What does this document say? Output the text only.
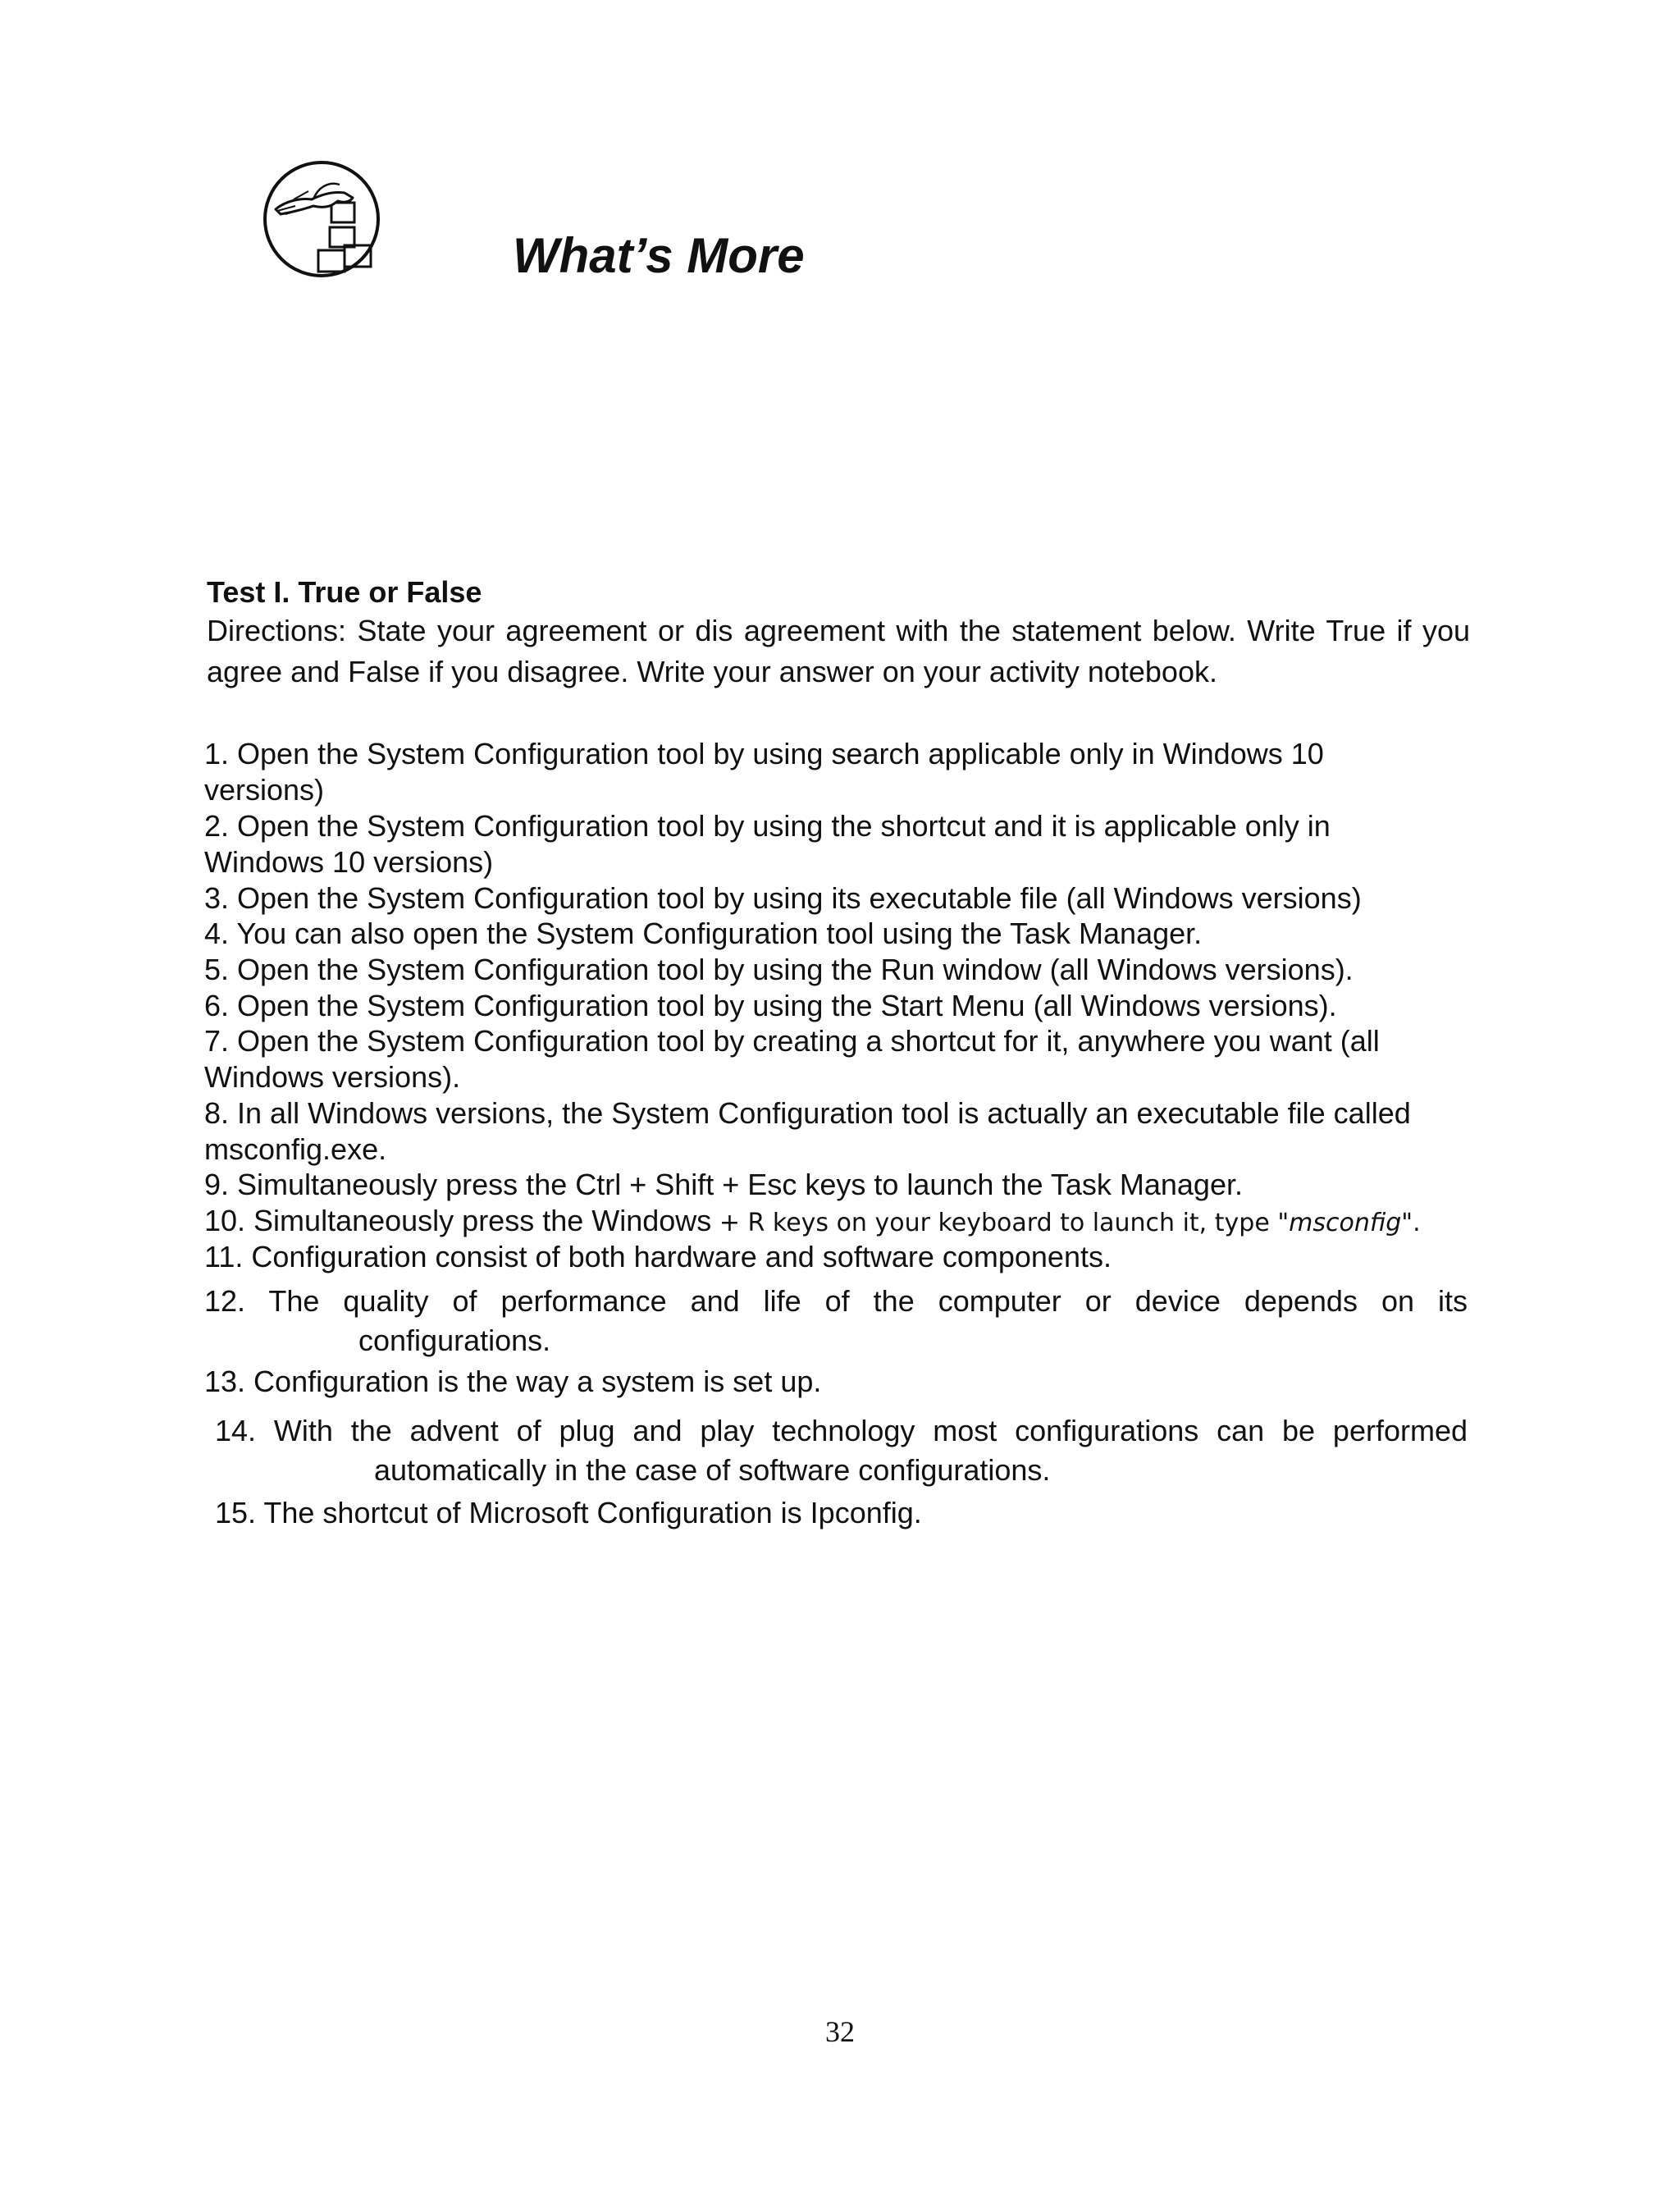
What’s More
Test I. True or False
Directions: State your agreement or dis agreement with the statement below. Write True if you agree and False if you disagree. Write your answer on your activity notebook.
1. Open the System Configuration tool by using search applicable only in Windows 10
versions)
2. Open the System Configuration tool by using the shortcut and it is applicable only in
Windows 10 versions)
3. Open the System Configuration tool by using its executable file (all Windows versions)
4. You can also open the System Configuration tool using the Task Manager.
5. Open the System Configuration tool by using the Run window (all Windows versions).
6. Open the System Configuration tool by using the Start Menu (all Windows versions).
7. Open the System Configuration tool by creating a shortcut for it, anywhere you want (all
Windows versions).
8. In all Windows versions, the System Configuration tool is actually an executable file called
msconfig.exe.
9. Simultaneously press the Ctrl + Shift + Esc keys to launch the Task Manager.
10. Simultaneously press the Windows + R keys on your keyboard to launch it, type "msconfig".
11. Configuration consist of both hardware and software components.
12. The quality of performance and life of the computer or device depends on its
configurations.
13. Configuration is the way a system is set up.
14. With the advent of plug and play technology most configurations can be performed
automatically in the case of software configurations.
15. The shortcut of Microsoft Configuration is Ipconfig.
32
